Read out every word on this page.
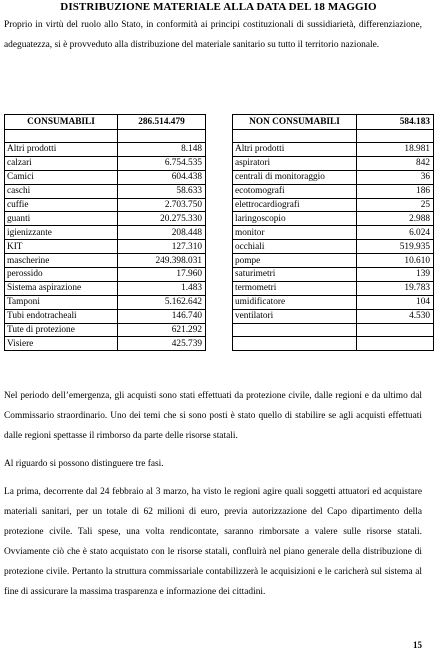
DISTRIBUZIONE MATERIALE ALLA DATA DEL 18 MAGGIO
Proprio in virtù del ruolo allo Stato, in conformità ai principi costituzionali di sussidiarietà, differenziazione, adeguatezza, si è provveduto alla distribuzione del materiale sanitario su tutto il territorio nazionale.
CONSUMABILI	286.514.479

Altri prodotti	8.148
calzari	6.754.535
Camici	604.438
caschi	58.633
cuffie	2.703.750
guanti	20.275.330
igienizzante	208.448
KIT	127.310
mascherine	249.398.031
perossido	17.960
Sistema aspirazione	1.483
Tamponi	5.162.642
Tubi endotracheali	146.740
Tute di protezione	621.292
Visiere	425.739
NON CONSUMABILI	584.183

Altri prodotti	18.981
aspiratori	842
centrali di monitoraggio	36
ecotomografi	186
elettrocardiografi	25
laringoscopio	2.988
monitor	6.024
occhiali	519.935
pompe	10.610
saturimetri	139
termometri	19.783
umidificatore	104
ventilatori	4.530

Nel periodo dell’emergenza, gli acquisti sono stati effettuati da protezione civile, dalle regioni e da ultimo dal Commissario straordinario. Uno dei temi che si sono posti è stato quello di stabilire se agli acquisti effettuati dalle regioni spettasse il rimborso da parte delle risorse statali.

Al riguardo si possono distinguere tre fasi.

La prima, decorrente dal 24 febbraio al 3 marzo, ha visto le regioni agire quali soggetti attuatori ed acquistare materiali sanitari, per un totale di 62 milioni di euro, previa autorizzazione del Capo dipartimento della protezione civile. Tali spese, una volta rendicontate, saranno rimborsate a valere sulle risorse statali. Ovviamente ciò che è stato acquistato con le risorse statali, confluirà nel piano generale della distribuzione di protezione civile. Pertanto la struttura commissariale contabilizzerà le acquisizioni e le caricherà sul sistema al fine di assicurare la massima trasparenza e informazione dei cittadini.

15
